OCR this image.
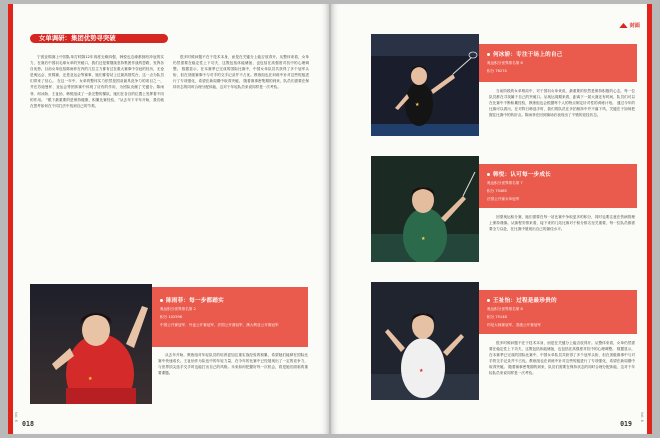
女单调研：集团优势寻突破
宁波亚锦赛上中国队单打时隔12年再度无缘四强，韩悦也边缘都拥有冲冠的实力，在赛后中国羽毛球女单的突破口，我们还是要继续坚持集团作战的思路，发挥各自优势。目前女单包括陈雨菲在内的几位主力都有过在重大赛事中夺冠的经历，无论是奥运会、世锦赛，还是亚运会等赛事，她们都曾站上过最高领奖台，这一点为队员们带来了信心。 在这一年中，女单的整体实力依然是国羽最具竞争力的项目之一，并在苏迪曼杯、亚运会等团体赛中体现了应有的作用，为团队贡献了关键分。陈雨菲、何冰娇、王祉怡、韩悦组成了一条完整的梯队，她们在各自的位置上发挥着不同的作用。 “眼下最重要的是保持健康，积累比赛经验，”从去年下半年开始，我们就在思考如何在不同打法中找到自己的节奏。
很多时候问题不在于技术本身，而是在关键分上能否放得开。从整体来看，女单仍然需要在稳定性上下功夫，这既包括体能储备，也包括在高强度对抗中的心理调整。 数据显示，在本赛季已完成的国际比赛中，中国女单队员共获得了多个冠军头衔，但在顶级赛事中与对手的交手记录并不占优。教练组也在训练中针对这些短板进行了专项强化，希望在新周期中取得突破。 随着赛事密集期的到来，队员们需要在保持状态的同时合理分配体能，这对于年轻队员来说同样是一次考验。
★
陈雨菲：每一步都踏实
奥运积分世界排名第 2
积分 102596
中国公开赛冠军、丹麦公开赛冠军、法国公开赛冠军、澳大利亚公开赛冠军
从去年开始，教练组对年轻队员的培养更加注重实战经验的积累，希望她们能够在国际比赛中快速成长。王祉怡作为队伍中的年轻力量，在今年的比赛中已经展现出了一定的竞争力，与世界顶尖选手交手时也能打出自己的风格。未来如何把握好每一次机会，将是她们面临的重要课题。
Vol. 6
018
封面
★
何冰娇：专注于场上的自己
奥运积分世界排名第 6
积分 76274
当前阶段的女单格局中，对于国羽女单来说，最重要的依然是保持积极的心态，每一位队员都在寻找属于自己的突破口。从奥运周期来看，距离下一届大赛还有时间，队员们可以在比赛中不断积累经验，教练组也会根据每个人的特点制定针对性的训练计划。 通过今年的比赛可以看出，在对阵日韩选手时，我们的队员在多拍相持中并不落下风，关键在于如何把握住比赛中的转折点。陈雨菲在回到赛场后表现出了不错的竞技状态。
★
韩悦：认可每一步成长
奥运积分世界排名第 7
积分 75485
法国公开赛女单冠军
回望奥运积分赛，她们需要在每一站比赛中争取更多的积分，同时也要注意在伤病管理上保持谨慎。从赛程安排来看，接下来的几站比赛对于积分排名至关重要，每一位队员都需要全力以赴，在比赛中展现出自己的最佳水平。
★
王祉怡：过程是最珍贵的
奥运积分世界排名第 8
积分 75148
印尼大师赛冠军、香港公开赛冠军
很多时候问题不在于技术本身，而是在关键分上能否放得开。从整体来看，女单仍然需要在稳定性上下功夫，这既包括体能储备，也包括在高强度对抗中的心理调整。 数据显示，在本赛季已完成的国际比赛中，中国女单队员共获得了多个冠军头衔，但在顶级赛事中与对手的交手记录并不占优。教练组也在训练中针对这些短板进行了专项强化，希望在新周期中取得突破。 随着赛事密集期的到来，队员们需要在保持状态的同时合理分配体能，这对于年轻队员来说同样是一次考验。
019
Vol. 6
